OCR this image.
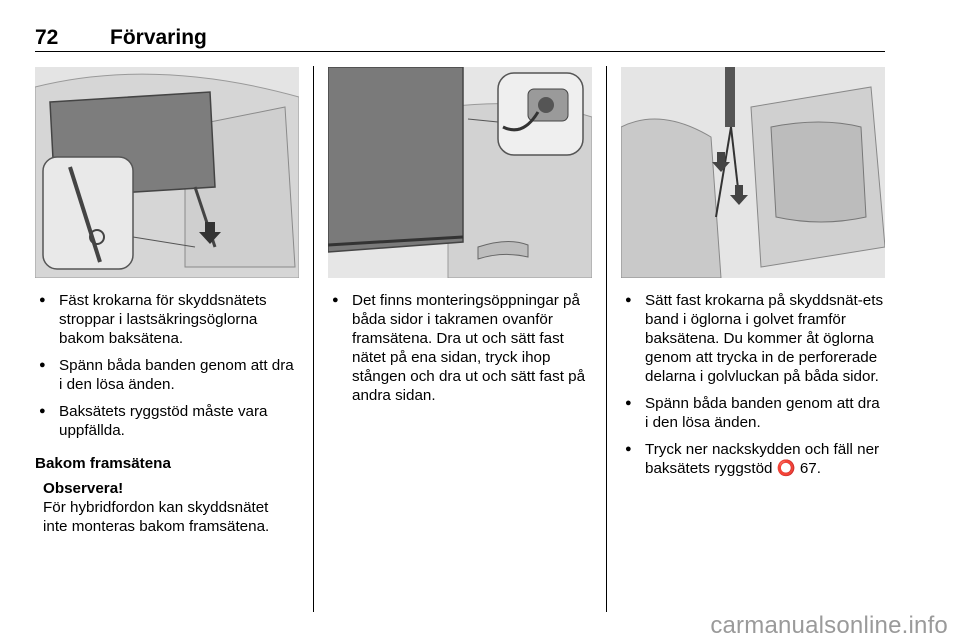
72 Förvaring
● Fäst krokarna för skyddsnätets stroppar i lastsäkringsöglorna bakom baksätena.
● Spänn båda banden genom att dra i den lösa änden.
● Baksätets ryggstöd måste vara uppfällda.
Bakom framsätena
Observera!
För hybridfordon kan skyddsnätet inte monteras bakom framsätena.
● Det finns monteringsöppningar på båda sidor i takramen ovanför framsätena. Dra ut och sätt fast nätet på ena sidan, tryck ihop stången och dra ut och sätt fast på andra sidan.
● Sätt fast krokarna på skyddsnät-ets band i öglorna i golvet framför baksätena. Du kommer åt öglorna genom att trycka in de perforerade delarna i golvluckan på båda sidor.
● Spänn båda banden genom att dra i den lösa änden.
● Tryck ner nackskydden och fäll ner baksätets ryggstöd ⭕ 67.
carmanualsonline.info
